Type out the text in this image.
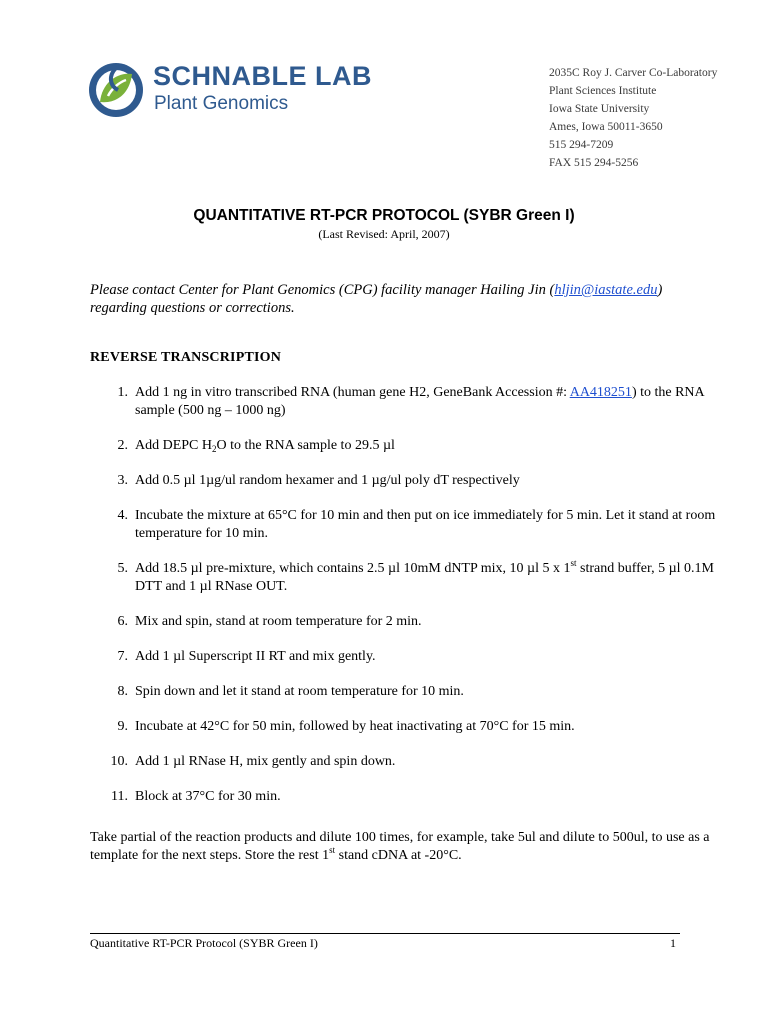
SCHNABLE LAB
Plant Genomics
2035C Roy J. Carver Co-Laboratory
Plant Sciences Institute
Iowa State University
Ames, Iowa 50011-3650
515 294-7209
FAX 515 294-5256
QUANTITATIVE RT-PCR PROTOCOL (SYBR Green I)
(Last Revised: April, 2007)
Please contact Center for Plant Genomics (CPG) facility manager Hailing Jin (hljin@iastate.edu) regarding questions or corrections.
REVERSE TRANSCRIPTION
1. Add 1 ng in vitro transcribed RNA (human gene H2, GeneBank Accession #: AA418251) to the RNA sample (500 ng – 1000 ng)
2. Add DEPC $H_2O$ to the RNA sample to 29.5 µl
3. Add 0.5 µl 1µg/ul random hexamer and 1 µg/ul poly dT respectively
4. Incubate the mixture at 65°C for 10 min and then put on ice immediately for 5 min. Let it stand at room temperature for 10 min.
5. Add 18.5 µl pre-mixture, which contains 2.5 µl 10mM dNTP mix, 10 µl 5 x 1st strand buffer, 5 µl 0.1M DTT and 1 µl RNase OUT.
6. Mix and spin, stand at room temperature for 2 min.
7. Add 1 µl Superscript II RT and mix gently.
8. Spin down and let it stand at room temperature for 10 min.
9. Incubate at 42°C for 50 min, followed by heat inactivating at 70°C for 15 min.
10. Add 1 µl RNase H, mix gently and spin down.
11. Block at 37°C for 30 min.
Take partial of the reaction products and dilute 100 times, for example, take 5ul and dilute to 500ul, to use as a template for the next steps. Store the rest 1st stand cDNA at -20°C.
Quantitative RT-PCR Protocol (SYBR Green I)	1
